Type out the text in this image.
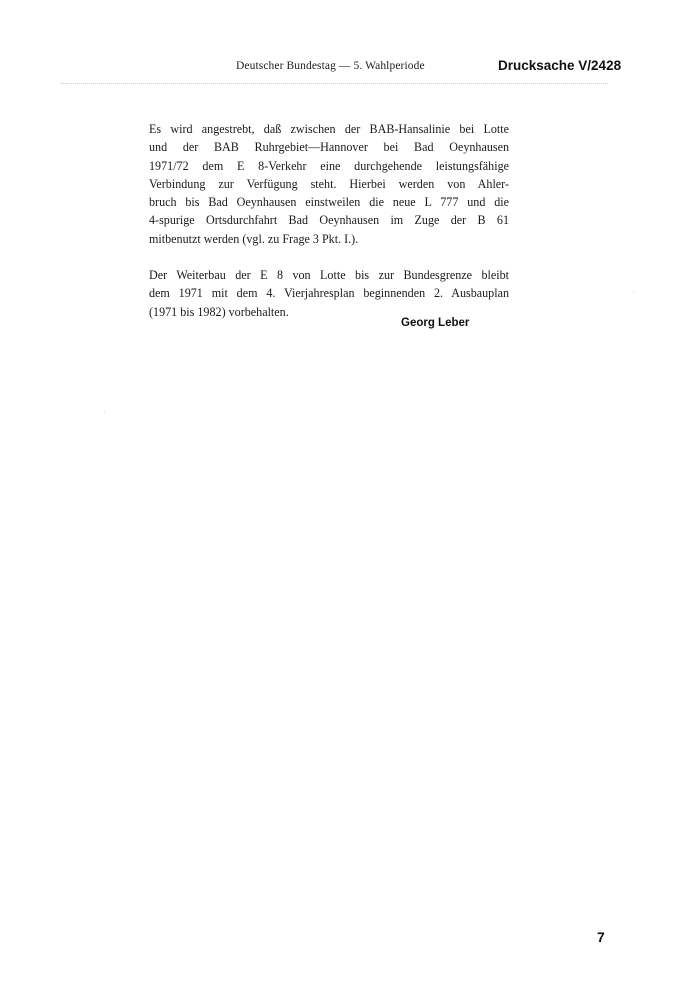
Deutscher Bundestag — 5. Wahlperiode	Drucksache V/2428
Es wird angestrebt, daß zwischen der BAB-Hansalinie bei Lotte
und der BAB Ruhrgebiet—Hannover bei Bad Oeynhausen
1971/72 dem E 8-Verkehr eine durchgehende leistungsfähige
Verbindung zur Verfügung steht. Hierbei werden von Ahler-
bruch bis Bad Oeynhausen einstweilen die neue L 777 und die
4-spurige Ortsdurchfahrt Bad Oeynhausen im Zuge der B 61
mitbenutzt werden (vgl. zu Frage 3 Pkt. I.).
Der Weiterbau der E 8 von Lotte bis zur Bundesgrenze bleibt
dem 1971 mit dem 4. Vierjahresplan beginnenden 2. Ausbauplan
(1971 bis 1982) vorbehalten.
Georg Leber
7
